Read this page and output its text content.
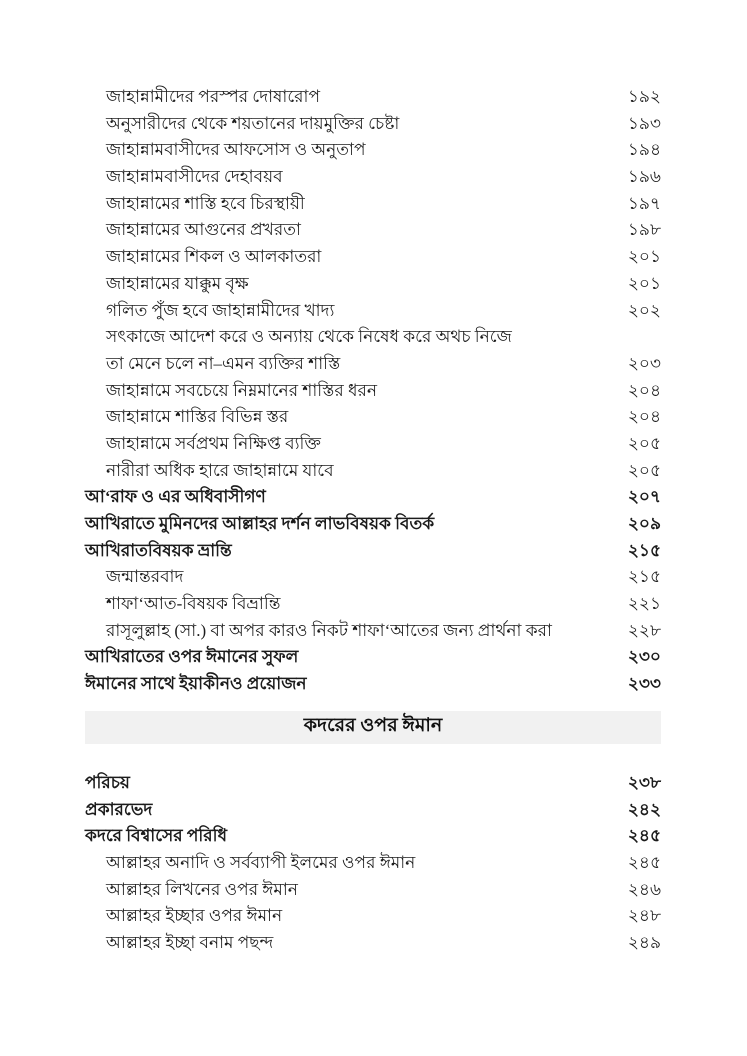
জাহান্নামীদের পরস্পর দোষারোপ	১৯২
অনুসারীদের থেকে শয়তানের দায়মুক্তির চেষ্টা	১৯৩
জাহান্নামবাসীদের আফসোস ও অনুতাপ	১৯৪
জাহান্নামবাসীদের দেহাবয়ব	১৯৬
জাহান্নামের শাস্তি হবে চিরস্থায়ী	১৯৭
জাহান্নামের আগুনের প্রখরতা	১৯৮
জাহান্নামের শিকল ও আলকাতরা	২০১
জাহান্নামের যাক্কুম বৃক্ষ	২০১
গলিত পুঁজ হবে জাহান্নামীদের খাদ্য	২০২
সৎকাজে আদেশ করে ও অন্যায় থেকে নিষেধ করে অথচ নিজে
তা মেনে চলে না–এমন ব্যক্তির শাস্তি	২০৩
জাহান্নামে সবচেয়ে নিম্নমানের শাস্তির ধরন	২০৪
জাহান্নামে শাস্তির বিভিন্ন স্তর	২০৪
জাহান্নামে সর্বপ্রথম নিক্ষিপ্ত ব্যক্তি	২০৫
নারীরা অধিক হারে জাহান্নামে যাবে	২০৫
আ‘রাফ ও এর অধিবাসীগণ	২০৭
আখিরাতে মুমিনদের আল্লাহর দর্শন লাভবিষয়ক বিতর্ক	২০৯
আখিরাতবিষয়ক ভ্রান্তি	২১৫
জন্মান্তরবাদ	২১৫
শাফা‘আত-বিষয়ক বিভ্রান্তি	২২১
রাসূলুল্লাহ (সা.) বা অপর কারও নিকট শাফা‘আতের জন্য প্রার্থনা করা	২২৮
আখিরাতের ওপর ঈমানের সুফল	২৩০
ঈমানের সাথে ইয়াকীনও প্রয়োজন	২৩৩
কদরের ওপর ঈমান
পরিচয়	২৩৮
প্রকারভেদ	২৪২
কদরে বিশ্বাসের পরিধি	২৪৫
আল্লাহর অনাদি ও সর্বব্যাপী ইলমের ওপর ঈমান	২৪৫
আল্লাহর লিখনের ওপর ঈমান	২৪৬
আল্লাহর ইচ্ছার ওপর ঈমান	২৪৮
আল্লাহর ইচ্ছা বনাম পছন্দ	২৪৯
